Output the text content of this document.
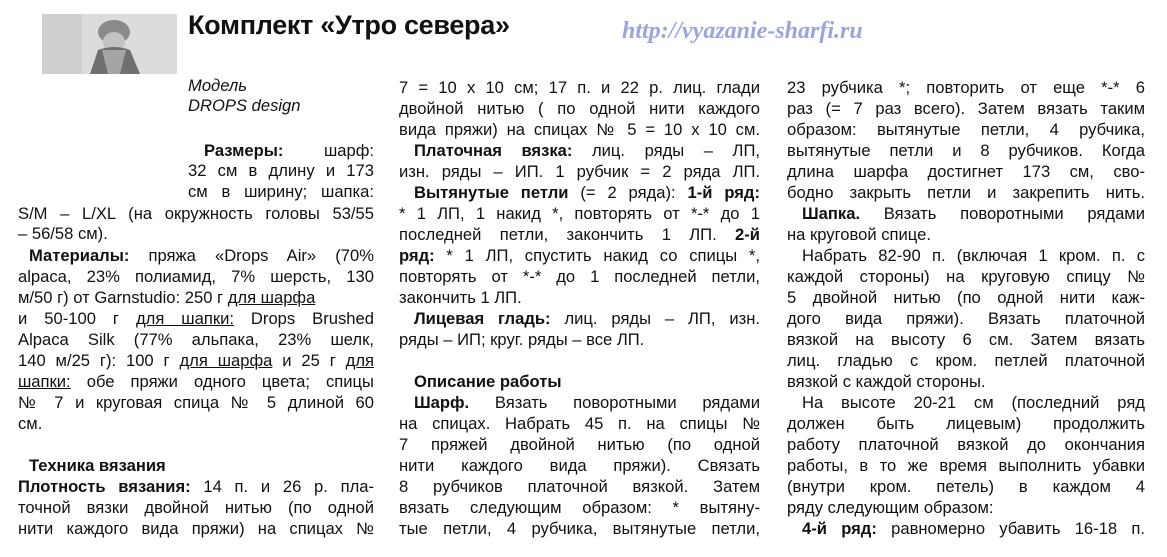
Комплект «Утро севера»	http://vyazanie-sharfi.ru
Модель
DROPS design
Размеры: шарф:
32 см в длину и 173
см в ширину; шапка:
S/M – L/XL (на окружность головы 53/55
– 56/58 см).
Материалы: пряжа «Drops Air» (70%
alpaca, 23% полиамид, 7% шерсть, 130
м/50 г) от Garnstudio: 250 г для шарфа
и 50-100 г для шапки: Drops Brushed
Alpaca Silk (77% альпака, 23% шелк,
140 м/25 г): 100 г для шарфа и 25 г для
шапки: обе пряжи одного цвета; спицы
№ 7 и круговая спица № 5 длиной 60
см.
Техника вязания
Плотность вязания: 14 п. и 26 р. пла-
точной вязки двойной нитью (по одной
нити каждого вида пряжи) на спицах №
7 = 10 х 10 см; 17 п. и 22 р. лиц. глади
двойной нитью ( по одной нити каждого
вида пряжи) на спицах № 5 = 10 х 10 см.
Платочная вязка: лиц. ряды – ЛП,
изн. ряды – ИП. 1 рубчик = 2 ряда ЛП.
Вытянутые петли (= 2 ряда): 1-й ряд:
* 1 ЛП, 1 накид *, повторять от *-* до 1
последней петли, закончить 1 ЛП. 2-й
ряд: * 1 ЛП, спустить накид со спицы *,
повторять от *-* до 1 последней петли,
закончить 1 ЛП.
Лицевая гладь: лиц. ряды – ЛП, изн.
ряды – ИП; круг. ряды – все ЛП.
Описание работы
Шарф. Вязать поворотными рядами
на спицах. Набрать 45 п. на спицы №
7 пряжей двойной нитью (по одной
нити каждого вида пряжи). Связать
8 рубчиков платочной вязкой. Затем
вязать следующим образом: * вытяну-
тые петли, 4 рубчика, вытянутые петли,
23 рубчика *; повторить от еще *-* 6
раз (= 7 раз всего). Затем вязать таким
образом: вытянутые петли, 4 рубчика,
вытянутые петли и 8 рубчиков. Когда
длина шарфа достигнет 173 см, сво-
бодно закрыть петли и закрепить нить.
Шапка. Вязать поворотными рядами
на круговой спице.
Набрать 82-90 п. (включая 1 кром. п. с
каждой стороны) на круговую спицу №
5 двойной нитью (по одной нити каж-
дого вида пряжи). Вязать платочной
вязкой на высоту 6 см. Затем вязать
лиц. гладью с кром. петлей платочной
вязкой с каждой стороны.
На высоте 20-21 см (последний ряд
должен быть лицевым) продолжить
работу платочной вязкой до окончания
работы, в то же время выполнить убавки
(внутри кром. петель) в каждом 4
ряду следующим образом:
4-й ряд: равномерно убавить 16-18 п.
